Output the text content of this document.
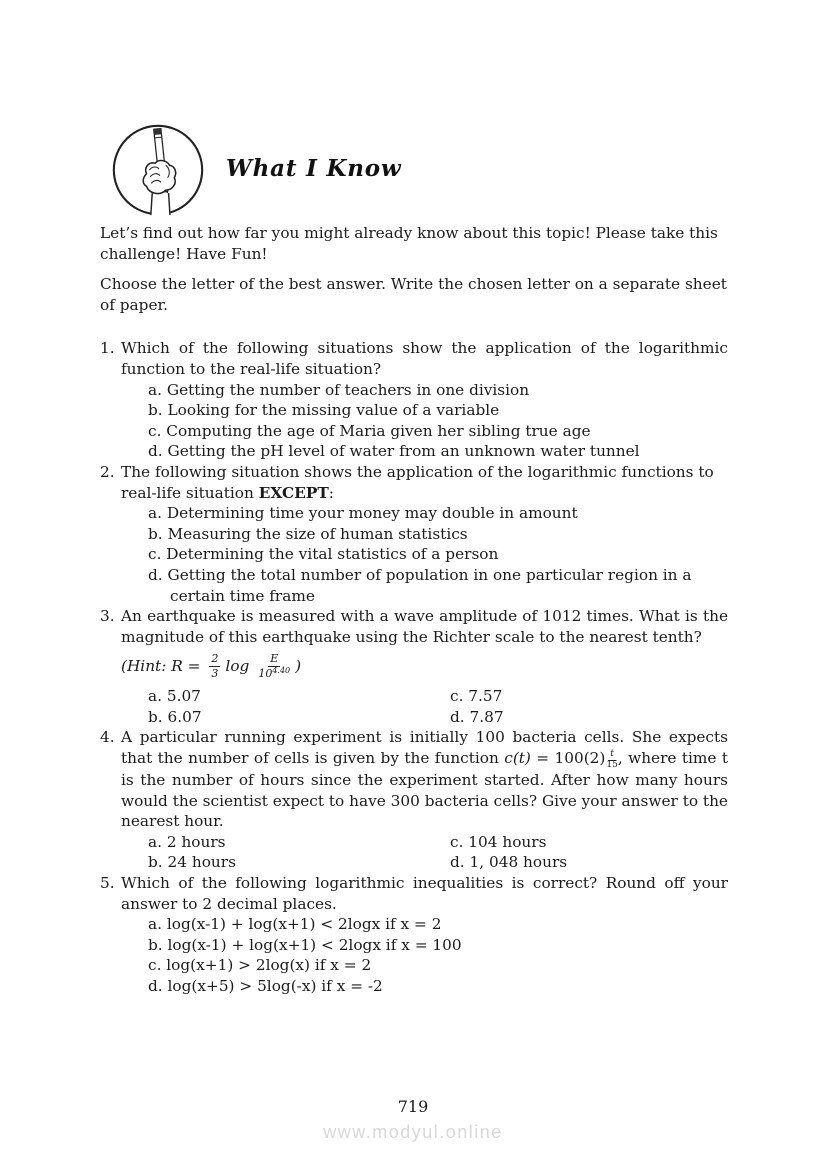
What I Know

Let’s find out how far you might already know about this topic! Please take this challenge! Have Fun!

Choose the letter of the best answer. Write the chosen letter on a separate sheet of paper.

1. Which of the following situations show the application of the logarithmic function to the real-life situation?
a. Getting the number of teachers in one division
b. Looking for the missing value of a variable
c. Computing the age of Maria given her sibling true age
d. Getting the pH level of water from an unknown water tunnel
2. The following situation shows the application of the logarithmic functions to real-life situation EXCEPT:
a. Determining time your money may double in amount
b. Measuring the size of human statistics
c. Determining the vital statistics of a person
d. Getting the total number of population in one particular region in a certain time frame
3. An earthquake is measured with a wave amplitude of 1012 times. What is the magnitude of this earthquake using the Richter scale to the nearest tenth?
(Hint: $R = \frac{2}{3}$ $\log \frac{E}{10^{4.40}}$ )
a. 5.07	c. 7.57
b. 6.07	d. 7.87
4. A particular running experiment is initially 100 bacteria cells. She expects that the number of cells is given by the function $c(t) = 100(2) \frac{t}{15}$ , where time t is the number of hours since the experiment started. After how many hours would the scientist expect to have 300 bacteria cells? Give your answer to the nearest hour.
a. 2 hours	c. 104 hours
b. 24 hours	d. 1, 048 hours
5. Which of the following logarithmic inequalities is correct? Round off your answer to 2 decimal places.
a. log(x-1) + log(x+1) < 2logx if x = 2
b. log(x-1) + log(x+1) < 2logx if x = 100
c. log(x+1) > 2log(x) if x = 2
d. log(x+5) > 5log(-x) if x = -2
719
www.modyul.online
